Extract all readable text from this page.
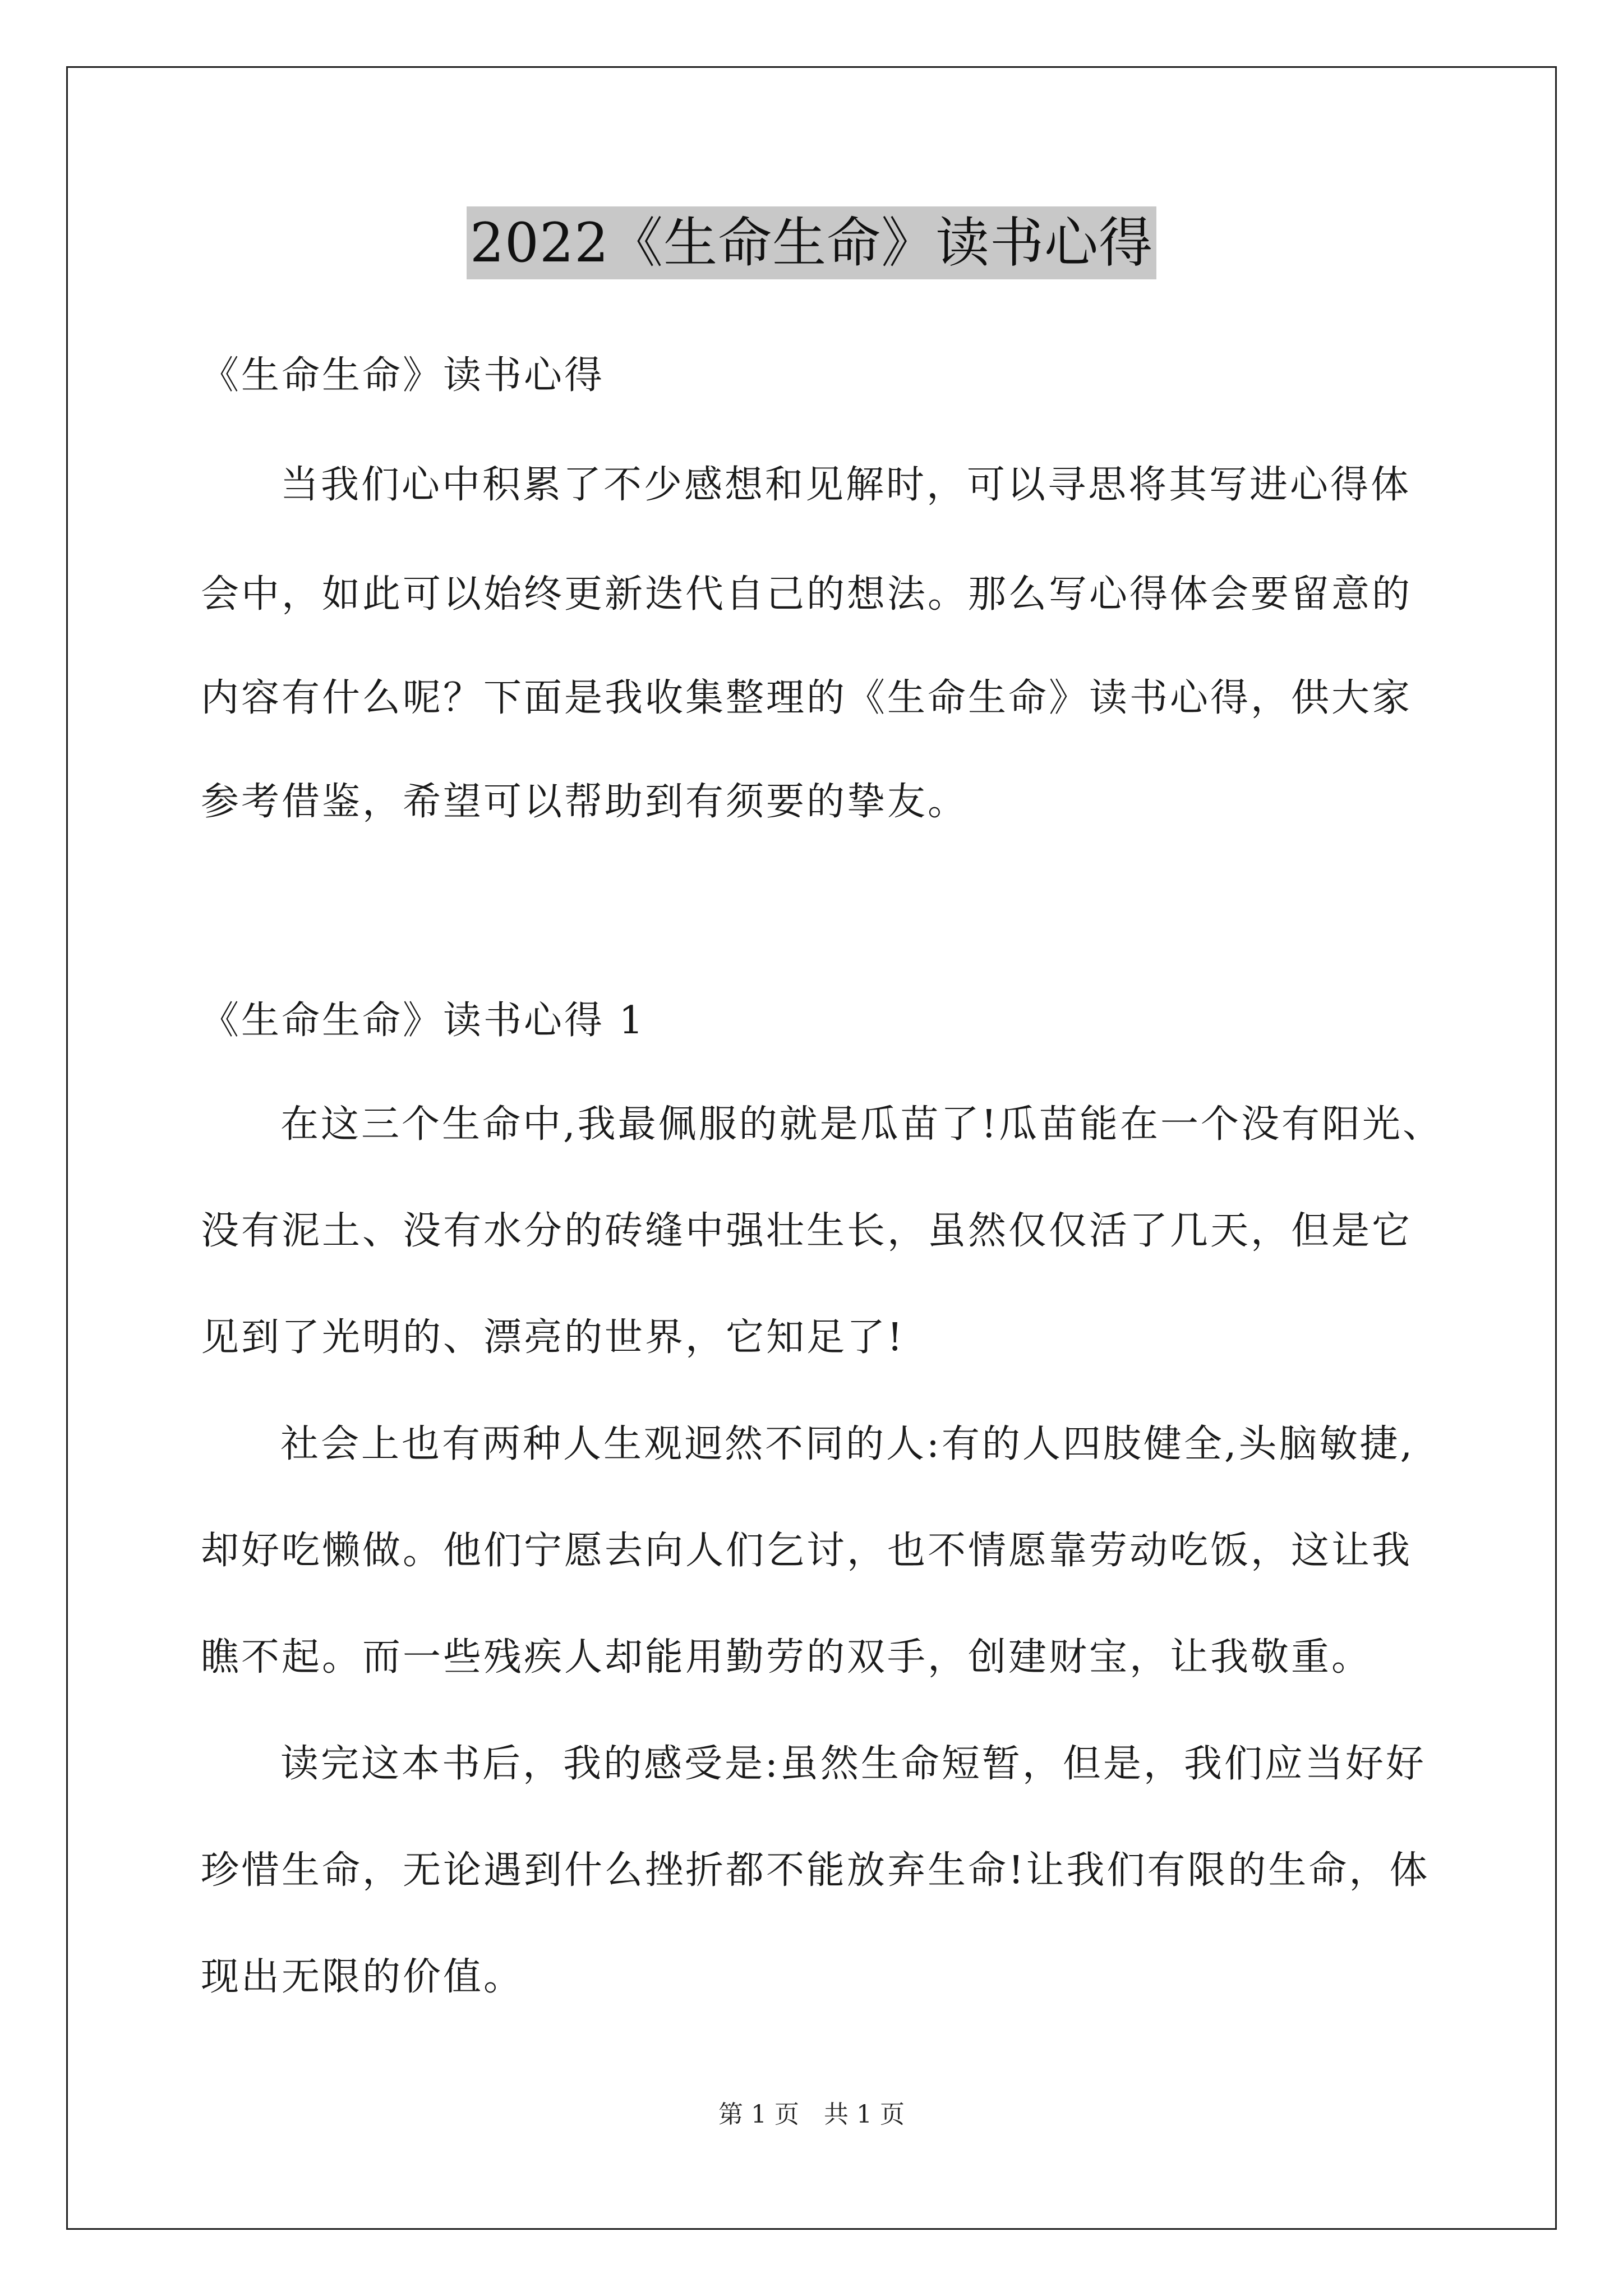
2022《生命生命》读书心得
《生命生命》读书心得
当我们心中积累了不少感想和见解时，可以寻思将其写进心得体
会中，如此可以始终更新迭代自己的想法。那么写心得体会要留意的
内容有什么呢？下面是我收集整理的《生命生命》读书心得，供大家
参考借鉴，希望可以帮助到有须要的挚友。
《生命生命》读书心得 1
在这三个生命中,我最佩服的就是瓜苗了!瓜苗能在一个没有阳光、
没有泥土、没有水分的砖缝中强壮生长，虽然仅仅活了几天，但是它
见到了光明的、漂亮的世界，它知足了!
社会上也有两种人生观迥然不同的人:有的人四肢健全,头脑敏捷,
却好吃懒做。他们宁愿去向人们乞讨，也不情愿靠劳动吃饭，这让我
瞧不起。而一些残疾人却能用勤劳的双手，创建财宝，让我敬重。
读完这本书后，我的感受是:虽然生命短暂，但是，我们应当好好
珍惜生命，无论遇到什么挫折都不能放弃生命!让我们有限的生命，体
现出无限的价值。
第 1 页　共 1 页
